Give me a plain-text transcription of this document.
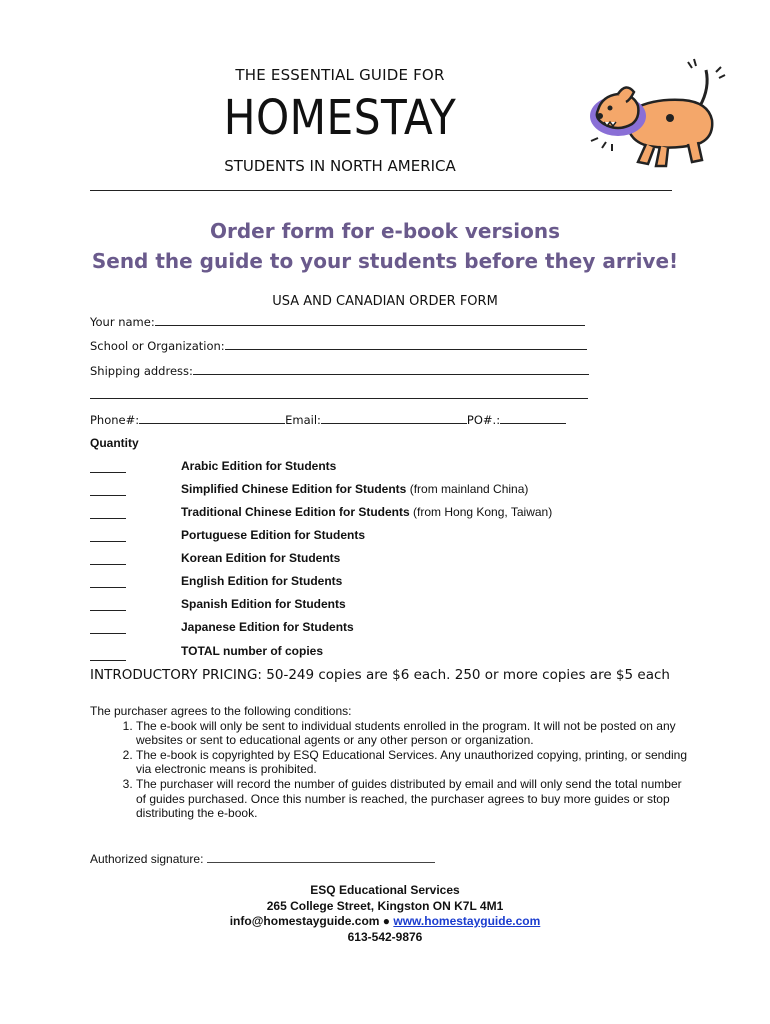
THE ESSENTIAL GUIDE FOR
HOMESTAY
STUDENTS IN NORTH AMERICA
Order form for e-book versions
Send the guide to your students before they arrive!
USA AND CANADIAN ORDER FORM
Your name:
School or Organization:
Shipping address:
Phone#:	Email:	PO#.:
Quantity
Arabic Edition for Students
Simplified Chinese Edition for Students (from mainland China)
Traditional Chinese Edition for Students (from Hong Kong, Taiwan)
Portuguese Edition for Students
Korean Edition for Students
English Edition for Students
Spanish Edition for Students
Japanese Edition for Students
TOTAL number of copies
INTRODUCTORY PRICING: 50-249 copies are $6 each. 250 or more copies are $5 each
The purchaser agrees to the following conditions:
1. The e-book will only be sent to individual students enrolled in the program. It will not be posted on any websites or sent to educational agents or any other person or organization.
2. The e-book is copyrighted by ESQ Educational Services. Any unauthorized copying, printing, or sending via electronic means is prohibited.
3. The purchaser will record the number of guides distributed by email and will only send the total number of guides purchased. Once this number is reached, the purchaser agrees to buy more guides or stop distributing the e-book.
Authorized signature:
ESQ Educational Services
265 College Street, Kingston ON K7L 4M1
info@homestayguide.com ● www.homestayguide.com
613-542-9876
